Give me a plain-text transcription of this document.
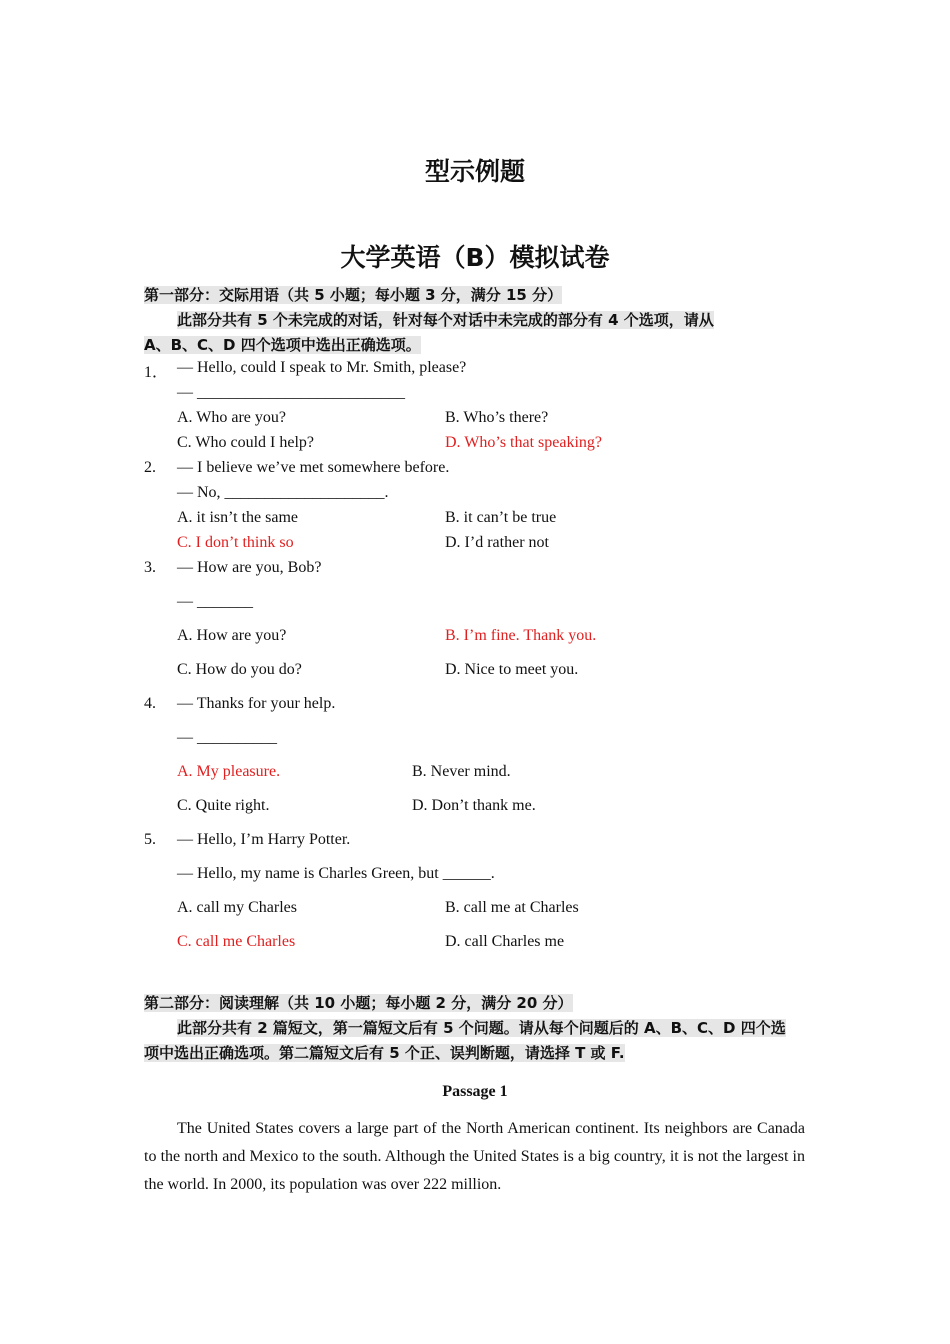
型示例题
大学英语（B）模拟试卷
第一部分：交际用语（共 5 小题；每小题 3 分，满分 15 分）
此部分共有 5 个未完成的对话，针对每个对话中未完成的部分有 4 个选项，请从
A、B、C、D 四个选项中选出正确选项。
1． — Hello, could I speak to Mr. Smith, please?
— __________________________
A. Who are you?	B. Who’s there?
C. Who could I help?	D. Who’s that speaking?
2. — I believe we’ve met somewhere before.
— No, ____________________.
A. it isn’t the same	B. it can’t be true
C. I don’t think so	D. I’d rather not
3. — How are you, Bob?
— _______
A. How are you?	B. I’m fine. Thank you.
C. How do you do?	D. Nice to meet you.
4. — Thanks for your help.
— __________
A. My pleasure.	B. Never mind.
C. Quite right.	D. Don’t thank me.
5. — Hello, I’m Harry Potter.
— Hello, my name is Charles Green, but ______.
A. call my Charles	B. call me at Charles
C. call me Charles	D. call Charles me
第二部分：阅读理解（共 10 小题；每小题 2 分，满分 20 分）
此部分共有 2 篇短文，第一篇短文后有 5 个问题。请从每个问题后的 A、B、C、D 四个选
项中选出正确选项。第二篇短文后有 5 个正、误判断题，请选择 T 或 F.
Passage 1
The United States covers a large part of the North American continent. Its neighbors are Canada to the north and Mexico to the south. Although the United States is a big country, it is not the largest in the world. In 2000, its population was over 222 million.
